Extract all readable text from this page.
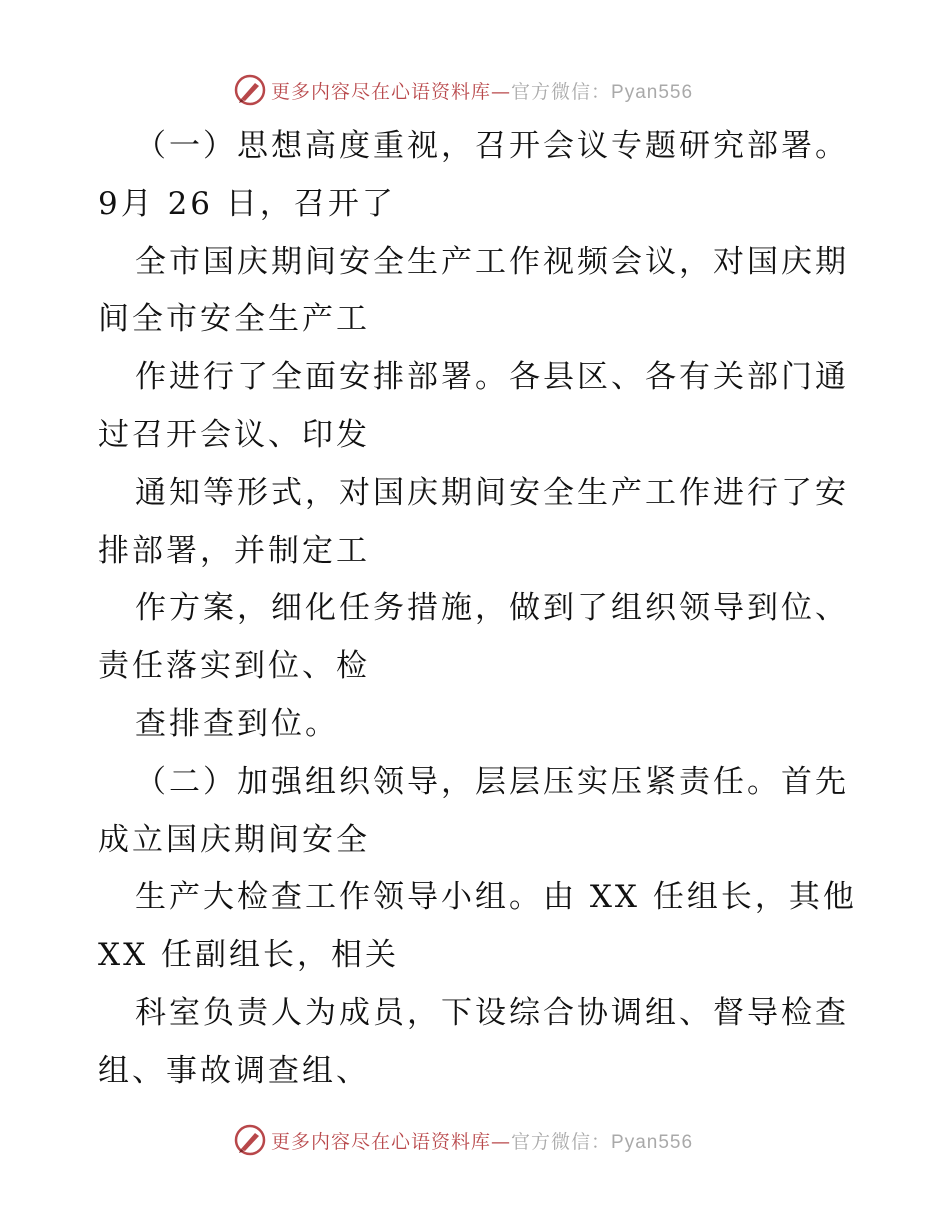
更多内容尽在心语资料库—官方微信：Pyan556
（一）思想高度重视，召开会议专题研究部署。
9月 26 日，召开了
全市国庆期间安全生产工作视频会议，对国庆期
间全市安全生产工
作进行了全面安排部署。各县区、各有关部门通
过召开会议、印发
通知等形式，对国庆期间安全生产工作进行了安
排部署，并制定工
作方案，细化任务措施，做到了组织领导到位、
责任落实到位、检
查排查到位。
（二）加强组织领导，层层压实压紧责任。首先
成立国庆期间安全
生产大检查工作领导小组。由 XX 任组长，其他
XX 任副组长，相关
科室负责人为成员，下设综合协调组、督导检查
组、事故调查组、
更多内容尽在心语资料库—官方微信：Pyan556
